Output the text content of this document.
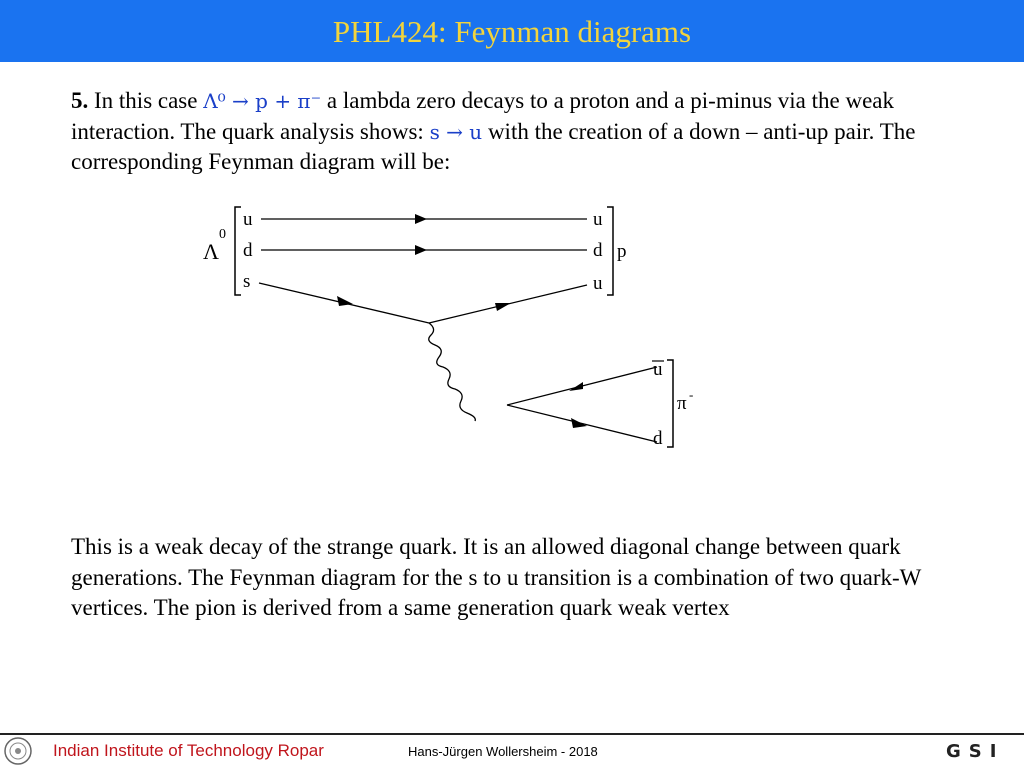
PHL424: Feynman diagrams
5. In this case Λ⁰ → p + π⁻ a lambda zero decays to a proton and a pi-minus via the weak interaction. The quark analysis shows: s → u with the creation of a down – anti-up pair. The corresponding Feynman diagram will be:
Λ
0
u
d
s
u
d
u
p
u
d
π -
This is a weak decay of the strange quark. It is an allowed diagonal change between quark generations. The Feynman diagram for the s to u transition is a combination of two quark-W vertices. The pion is derived from a same generation quark weak vertex
Indian Institute of Technology Ropar	Hans-Jürgen Wollersheim - 2018	GSI
